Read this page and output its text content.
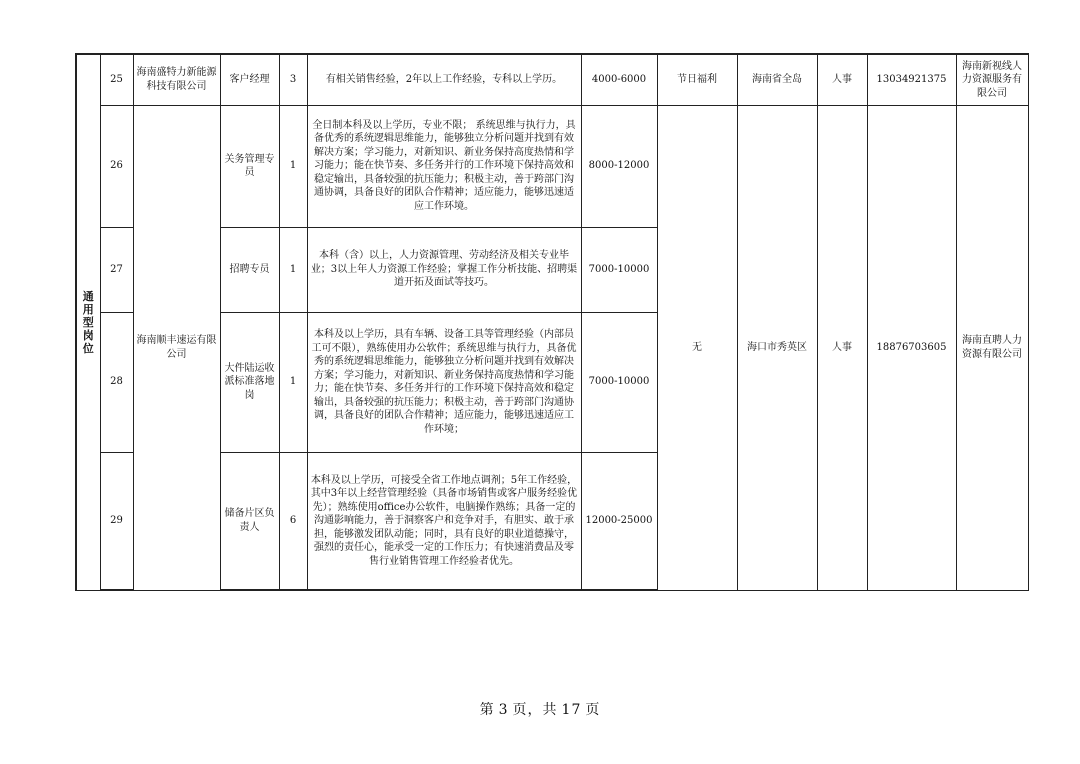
通用型岗位	25	海南盛特力新能源科技有限公司	客户经理	3	有相关销售经验，2年以上工作经验，专科以上学历。	4000-6000	节日福利	海南省全岛	人事	13034921375	海南新视线人力资源服务有限公司
	26	海南顺丰速运有限公司	关务管理专员	1	全日制本科及以上学历，专业不限； 系统思维与执行力，具备优秀的系统逻辑思维能力，能够独立分析问题并找到有效解决方案；学习能力，对新知识、新业务保持高度热情和学习能力；能在快节奏、多任务并行的工作环境下保持高效和稳定输出，具备较强的抗压能力；积极主动，善于跨部门沟通协调，具备良好的团队合作精神；适应能力，能够迅速适应工作环境。	8000-12000	无	海口市秀英区	人事	18876703605	海南直聘人力资源有限公司
	27		招聘专员	1	本科（含）以上，人力资源管理、劳动经济及相关专业毕业；3以上年人力资源工作经验；掌握工作分析技能、招聘渠道开拓及面试等技巧。	7000-10000					
	28		大件陆运收派标准落地岗	1	本科及以上学历，具有车辆、设备工具等管理经验（内部员工可不限），熟练使用办公软件；系统思维与执行力，具备优秀的系统逻辑思维能力，能够独立分析问题并找到有效解决方案；学习能力，对新知识、新业务保持高度热情和学习能力；能在快节奏、多任务并行的工作环境下保持高效和稳定输出，具备较强的抗压能力；积极主动，善于跨部门沟通协调，具备良好的团队合作精神；适应能力，能够迅速适应工作环境；	7000-10000					
	29		储备片区负责人	6	本科及以上学历，可接受全省工作地点调剂；5年工作经验，其中3年以上经营管理经验（具备市场销售或客户服务经验优先）；熟练使用office办公软件，电脑操作熟练；具备一定的沟通影响能力，善于洞察客户和竞争对手，有胆实、敢于承担，能够激发团队动能；同时，具有良好的职业道德操守，强烈的责任心，能承受一定的工作压力；有快速消费品及零售行业销售管理工作经验者优先。	12000-25000					
第 3 页，共 17 页
